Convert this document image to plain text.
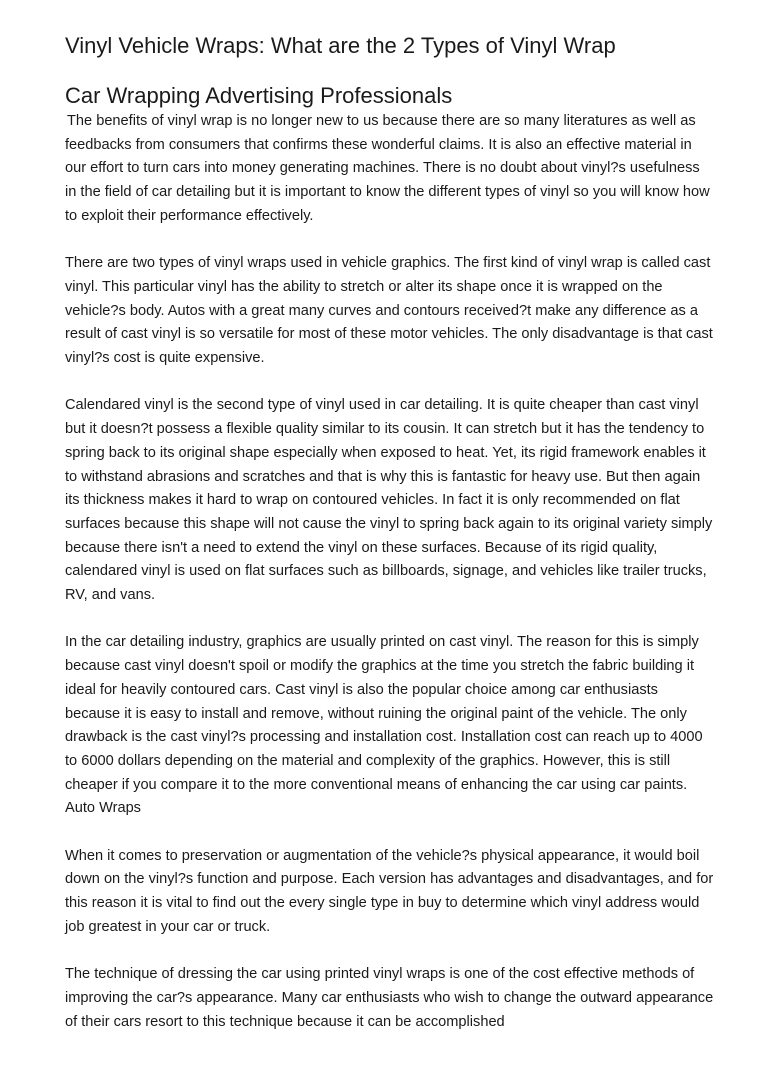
Vinyl Vehicle Wraps: What are the 2 Types of Vinyl Wrap
Car Wrapping Advertising Professionals

The benefits of vinyl wrap is no longer new to us because there are so many literatures as well as feedbacks from consumers that confirms these wonderful claims. It is also an effective material in our effort to turn cars into money generating machines. There is no doubt about vinyl?s usefulness in the field of car detailing but it is important to know the different types of vinyl so you will know how to exploit their performance effectively.

There are two types of vinyl wraps used in vehicle graphics. The first kind of vinyl wrap is called cast vinyl. This particular vinyl has the ability to stretch or alter its shape once it is wrapped on the vehicle?s body. Autos with a great many curves and contours received?t make any difference as a result of cast vinyl is so versatile for most of these motor vehicles. The only disadvantage is that cast vinyl?s cost is quite expensive.

Calendared vinyl is the second type of vinyl used in car detailing. It is quite cheaper than cast vinyl but it doesn?t possess a flexible quality similar to its cousin. It can stretch but it has the tendency to spring back to its original shape especially when exposed to heat. Yet, its rigid framework enables it to withstand abrasions and scratches and that is why this is fantastic for heavy use. But then again its thickness makes it hard to wrap on contoured vehicles. In fact it is only recommended on flat surfaces because this shape will not cause the vinyl to spring back again to its original variety simply because there isn't a need to extend the vinyl on these surfaces. Because of its rigid quality, calendared vinyl is used on flat surfaces such as billboards, signage, and vehicles like trailer trucks, RV, and vans.

In the car detailing industry, graphics are usually printed on cast vinyl. The reason for this is simply because cast vinyl doesn't spoil or modify the graphics at the time you stretch the fabric building it ideal for heavily contoured cars. Cast vinyl is also the popular choice among car enthusiasts because it is easy to install and remove, without ruining the original paint of the vehicle. The only drawback is the cast vinyl?s processing and installation cost. Installation cost can reach up to 4000 to 6000 dollars depending on the material and complexity of the graphics. However, this is still cheaper if you compare it to the more conventional means of enhancing the car using car paints.

Auto Wraps

When it comes to preservation or augmentation of the vehicle?s physical appearance, it would boil down on the vinyl?s function and purpose. Each version has advantages and disadvantages, and for this reason it is vital to find out the every single type in buy to determine which vinyl address would job greatest in your car or truck.

The technique of dressing the car using printed vinyl wraps is one of the cost effective methods of improving the car?s appearance. Many car enthusiasts who wish to change the outward appearance of their cars resort to this technique because it can be accomplished
